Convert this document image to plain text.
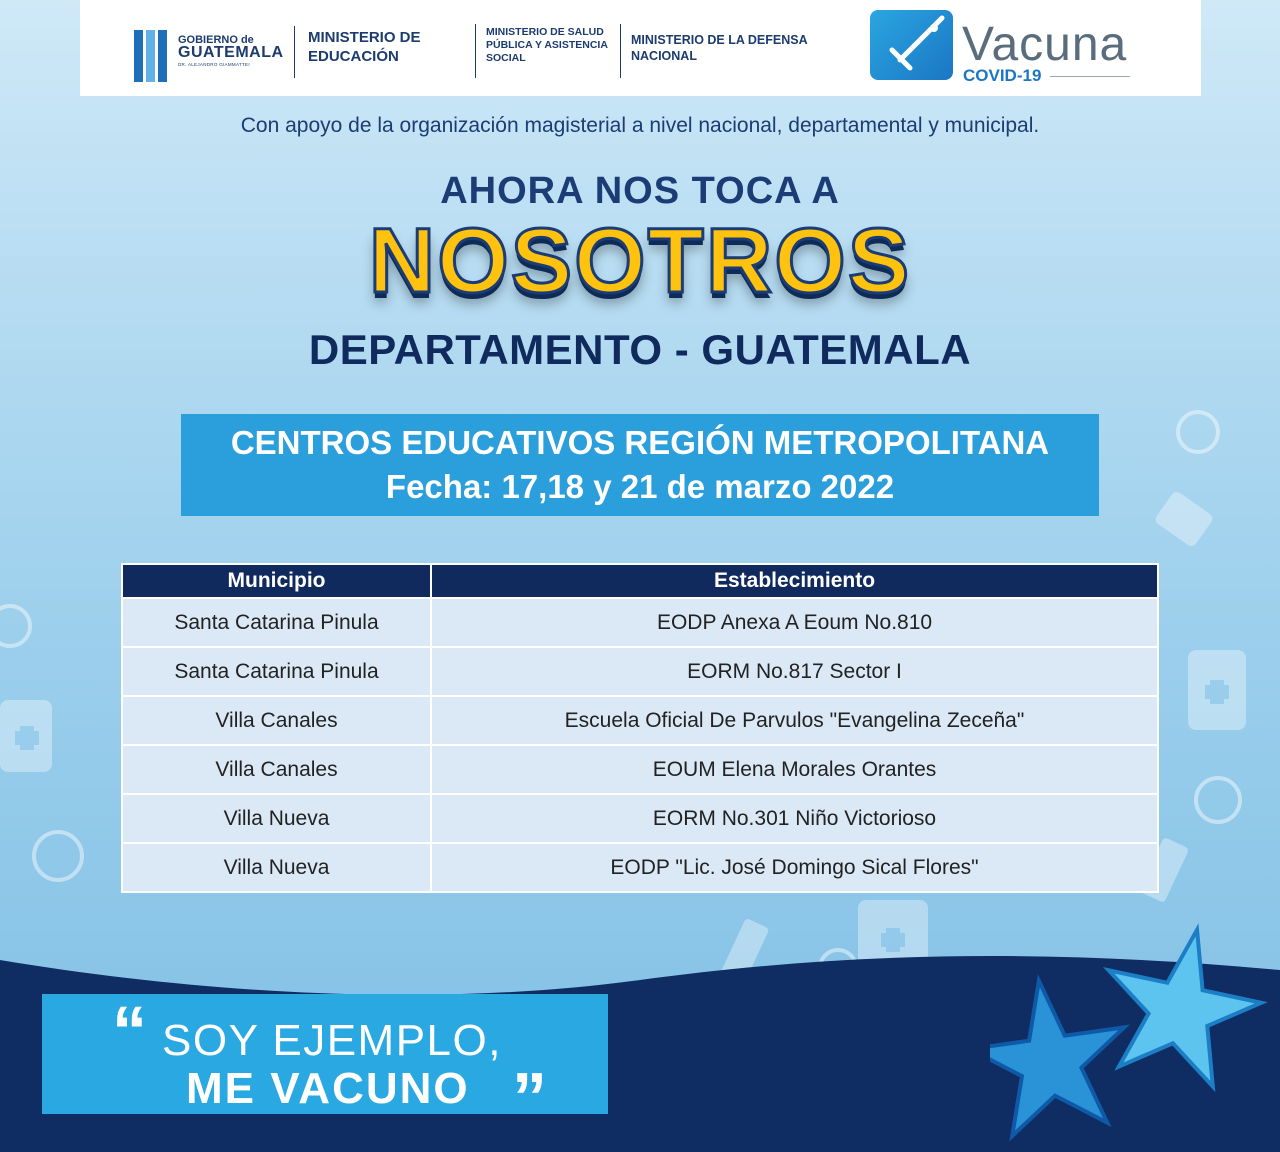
GOBIERNO de
GUATEMALA
DR. ALEJANDRO GIAMMATTEI
MINISTERIO DE EDUCACIÓN
MINISTERIO DE SALUD PÚBLICA Y ASISTENCIA SOCIAL
MINISTERIO DE LA DEFENSA NACIONAL	Vacuna
COVID-19
Con apoyo de la organización magisterial a nivel nacional, departamental y municipal.
AHORA NOS TOCA A
NOSOTROS
DEPARTAMENTO - GUATEMALA
CENTROS EDUCATIVOS REGIÓN METROPOLITANA
Fecha: 17,18 y 21 de marzo 2022
Municipio	Establecimiento
Santa Catarina Pinula	EODP Anexa A Eoum No.810
Santa Catarina Pinula	EORM No.817 Sector I
Villa Canales	Escuela Oficial De Parvulos "Evangelina Zeceña"
Villa Canales	EOUM Elena Morales Orantes
Villa Nueva	EORM No.301 Niño Victorioso
Villa Nueva	EODP "Lic. José Domingo Sical Flores"
“ SOY EJEMPLO,
ME VACUNO ”
